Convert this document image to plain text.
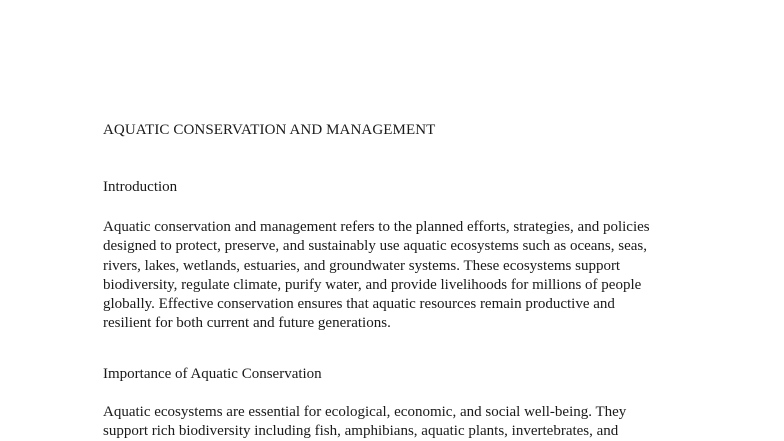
AQUATIC CONSERVATION AND MANAGEMENT
Introduction

Aquatic conservation and management refers to the planned efforts, strategies, and policies
designed to protect, preserve, and sustainably use aquatic ecosystems such as oceans, seas,
rivers, lakes, wetlands, estuaries, and groundwater systems. These ecosystems support
biodiversity, regulate climate, purify water, and provide livelihoods for millions of people
globally. Effective conservation ensures that aquatic resources remain productive and
resilient for both current and future generations.

Importance of Aquatic Conservation

Aquatic ecosystems are essential for ecological, economic, and social well-being. They
support rich biodiversity including fish, amphibians, aquatic plants, invertebrates, and
